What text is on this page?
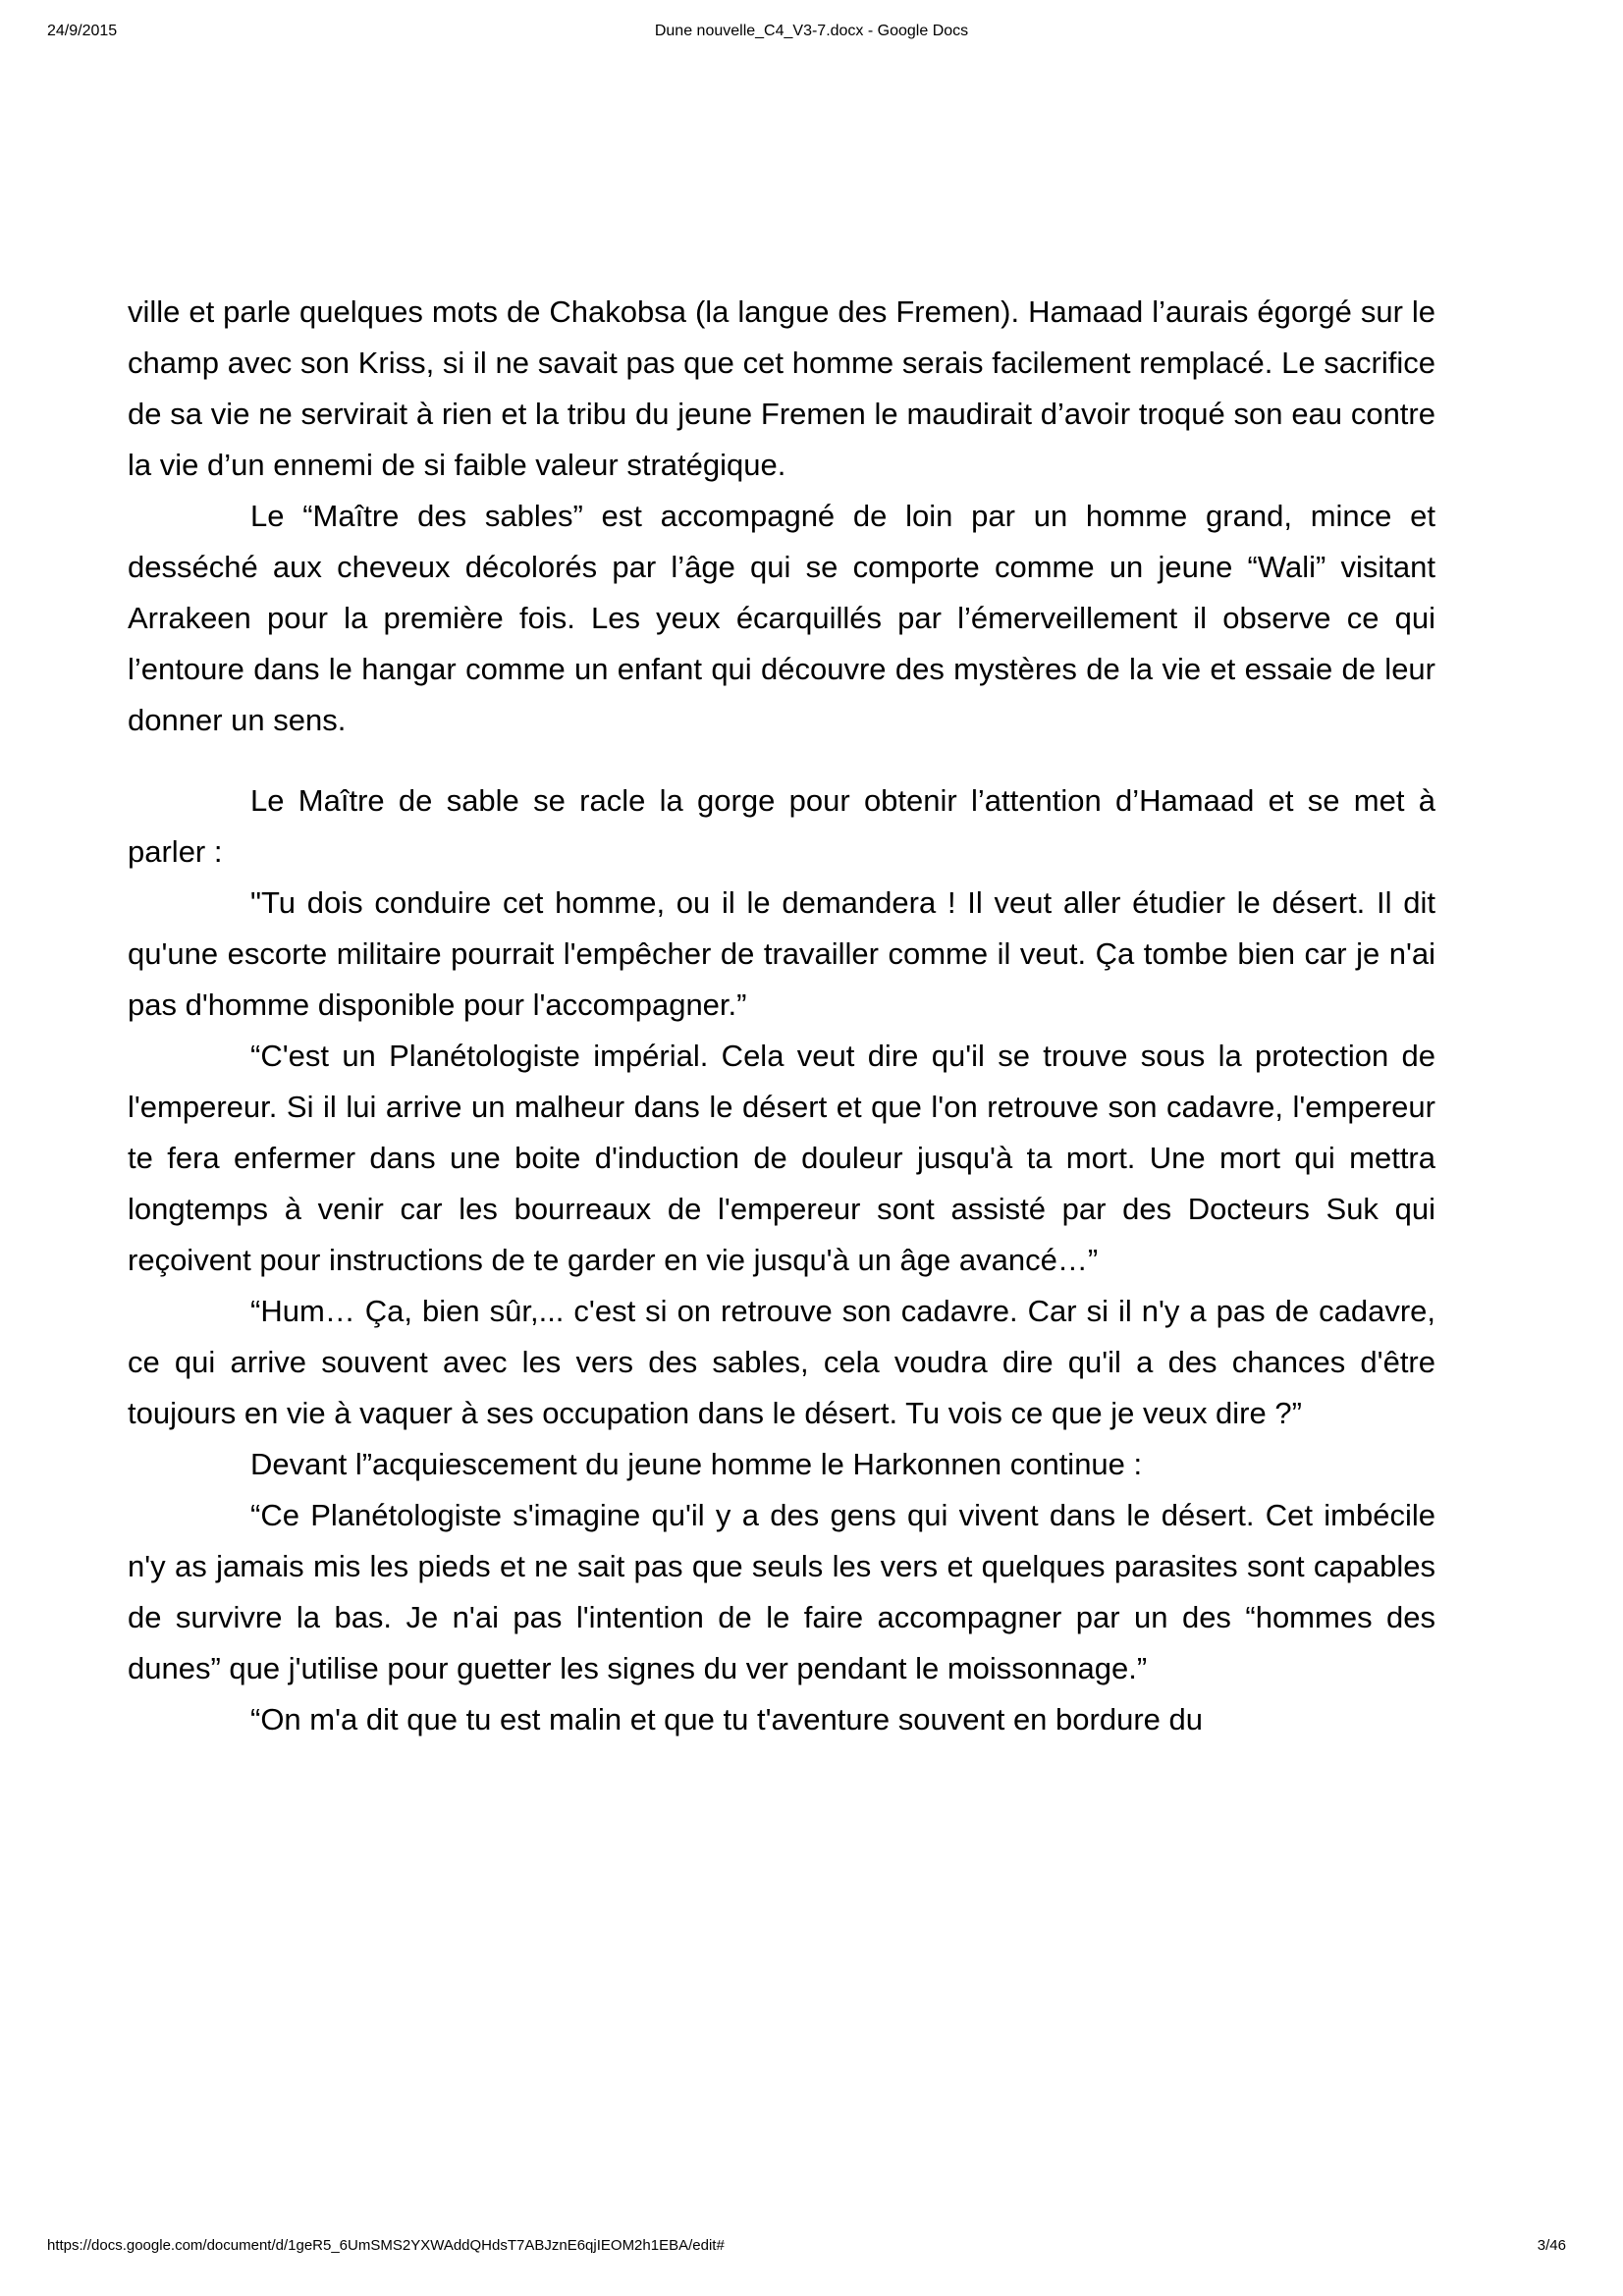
24/9/2015	Dune nouvelle_C4_V3-7.docx - Google Docs

ville et parle quelques mots de Chakobsa (la langue des Fremen). Hamaad l’aurais égorgé sur le champ avec son Kriss, si il ne savait pas que cet homme serais facilement remplacé. Le sacrifice de sa vie ne servirait à rien et la tribu du jeune Fremen le maudirait d’avoir troqué son eau contre la vie d’un ennemi de si faible valeur stratégique.

Le “Maître des sables” est accompagné de loin par un homme grand, mince et desséché aux cheveux décolorés par l’âge qui se comporte comme un jeune “Wali” visitant Arrakeen pour la première fois. Les yeux écarquillés par l’émerveillement il observe ce qui l’entoure dans le hangar comme un enfant qui découvre des mystères de la vie et essaie de leur donner un sens.

Le Maître de sable se racle la gorge pour obtenir l’attention d’Hamaad et se met à parler :

"Tu dois conduire cet homme, ou il le demandera ! Il veut aller étudier le désert. Il dit qu'une escorte militaire pourrait l'empêcher de travailler comme il veut. Ça tombe bien car je n'ai pas d'homme disponible pour l'accompagner.”

“C'est un Planétologiste impérial. Cela veut dire qu'il se trouve sous la protection de l'empereur. Si il lui arrive un malheur dans le désert et que l'on retrouve son cadavre, l'empereur te fera enfermer dans une boite d'induction de douleur jusqu'à ta mort. Une mort qui mettra longtemps à venir car les bourreaux de l'empereur sont assisté par des Docteurs Suk qui reçoivent pour instructions de te garder en vie jusqu'à un âge avancé…”

“Hum… Ça, bien sûr,... c'est si on retrouve son cadavre. Car si il n'y a pas de cadavre, ce qui arrive souvent avec les vers des sables, cela voudra dire qu'il a des chances d'être toujours en vie à vaquer à ses occupation dans le désert. Tu vois ce que je veux dire ?”

Devant l”acquiescement du jeune homme le Harkonnen continue :

“Ce Planétologiste s'imagine qu'il y a des gens qui vivent dans le désert. Cet imbécile n'y as jamais mis les pieds et ne sait pas que seuls les vers et quelques parasites sont capables de survivre la bas. Je n'ai pas l'intention de le faire accompagner par un des “hommes des dunes” que j'utilise pour guetter les signes du ver pendant le moissonnage.”

“On m'a dit que tu est malin et que tu t'aventure souvent en bordure du

https://docs.google.com/document/d/1geR5_6UmSMS2YXWAddQHdsT7ABJznE6qjIEOM2h1EBA/edit#	3/46
